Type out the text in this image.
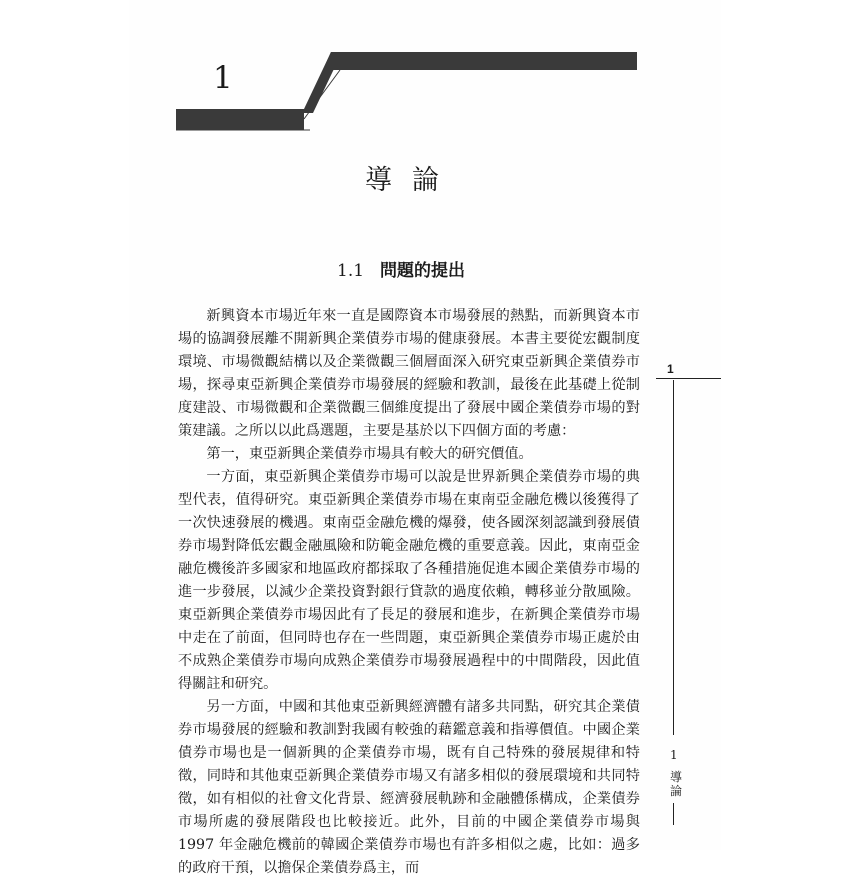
1
導論
1.1 問題的提出

新興資本市場近年來一直是國際資本市場發展的熱點，而新興資本市場的協調發展離不開新興企業債券市場的健康發展。本書主要從宏觀制度環境、市場微觀結構以及企業微觀三個層面深入研究東亞新興企業債券市場，探尋東亞新興企業債券市場發展的經驗和教訓，最後在此基礎上從制度建設、市場微觀和企業微觀三個維度提出了發展中國企業債券市場的對策建議。之所以以此爲選題，主要是基於以下四個方面的考慮：

第一，東亞新興企業債券市場具有較大的研究價值。

一方面，東亞新興企業債券市場可以說是世界新興企業債券市場的典型代表，值得研究。東亞新興企業債券市場在東南亞金融危機以後獲得了一次快速發展的機遇。東南亞金融危機的爆發，使各國深刻認識到發展債券市場對降低宏觀金融風險和防範金融危機的重要意義。因此，東南亞金融危機後許多國家和地區政府都採取了各種措施促進本國企業債券市場的進一步發展，以減少企業投資對銀行貸款的過度依賴，轉移並分散風險。東亞新興企業債券市場因此有了長足的發展和進步，在新興企業債券市場中走在了前面，但同時也存在一些問題，東亞新興企業債券市場正處於由不成熟企業債券市場向成熟企業債券市場發展過程中的中間階段，因此值得關註和研究。

另一方面，中國和其他東亞新興經濟體有諸多共同點，研究其企業債券市場發展的經驗和教訓對我國有較強的藉鑑意義和指導價值。中國企業債券市場也是一個新興的企業債券市場，既有自己特殊的發展規律和特徵，同時和其他東亞新興企業債券市場又有諸多相似的發展環境和共同特徵，如有相似的社會文化背景、經濟發展軌跡和金融體係構成，企業債券市場所處的發展階段也比較接近。此外，目前的中國企業債券市場與 1997 年金融危機前的韓國企業債券市場也有許多相似之處，比如：過多的政府干預，以擔保企業債券爲主，而

1
1
導論
